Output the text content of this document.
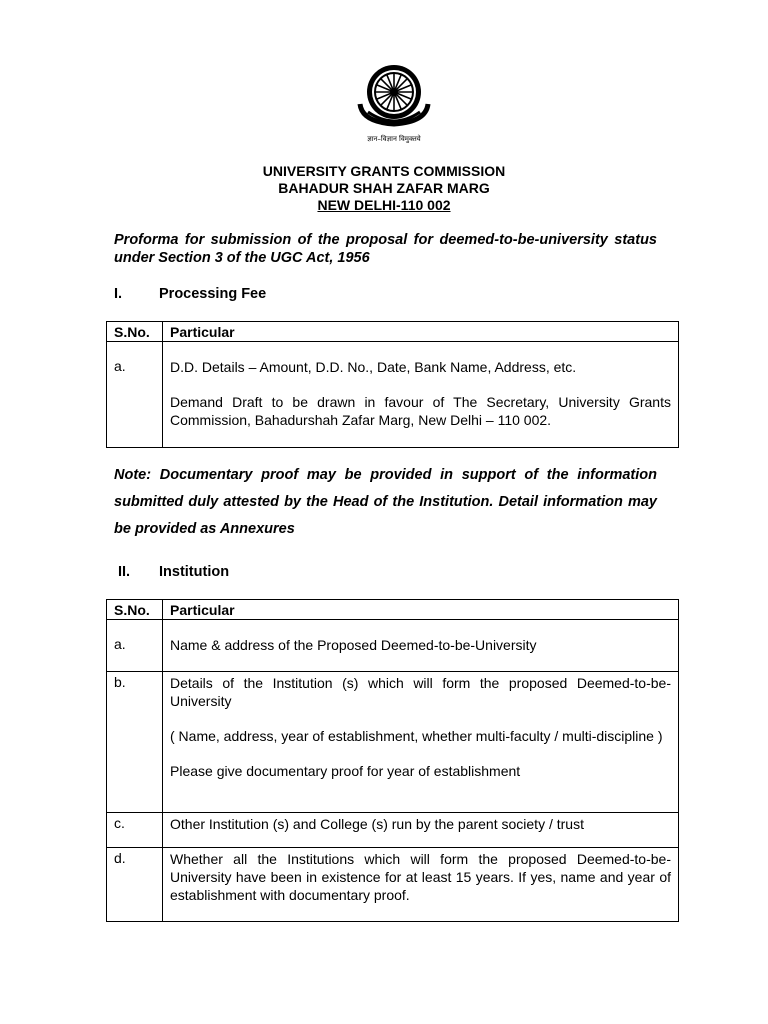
ज्ञान–विज्ञान विमुक्तये
UNIVERSITY GRANTS COMMISSION
BAHADUR SHAH ZAFAR MARG
NEW DELHI-110 002
Proforma for submission of the proposal for deemed-to-be-university status under Section 3 of the UGC Act, 1956
I.	Processing Fee
S.No.	Particular
a.	D.D. Details – Amount, D.D. No., Date, Bank Name, Address, etc.

Demand Draft to be drawn in favour of The Secretary, University Grants Commission, Bahadurshah Zafar Marg, New Delhi – 110 002.

Note: Documentary proof may be provided in support of the information submitted duly attested by the Head of the Institution. Detail information may be provided as Annexures
II. Institution
S.No.	Particular
a.	Name & address of the Proposed Deemed-to-be-University

b.	Details of the Institution (s) which will form the proposed Deemed-to-be-University

( Name, address, year of establishment, whether multi-faculty / multi-discipline )

Please give documentary proof for year of establishment

c.	Other Institution (s) and College (s) run by the parent society / trust

d.	Whether all the Institutions which will form the proposed Deemed-to-be-University have been in existence for at least 15 years. If yes, name and year of establishment with documentary proof.
